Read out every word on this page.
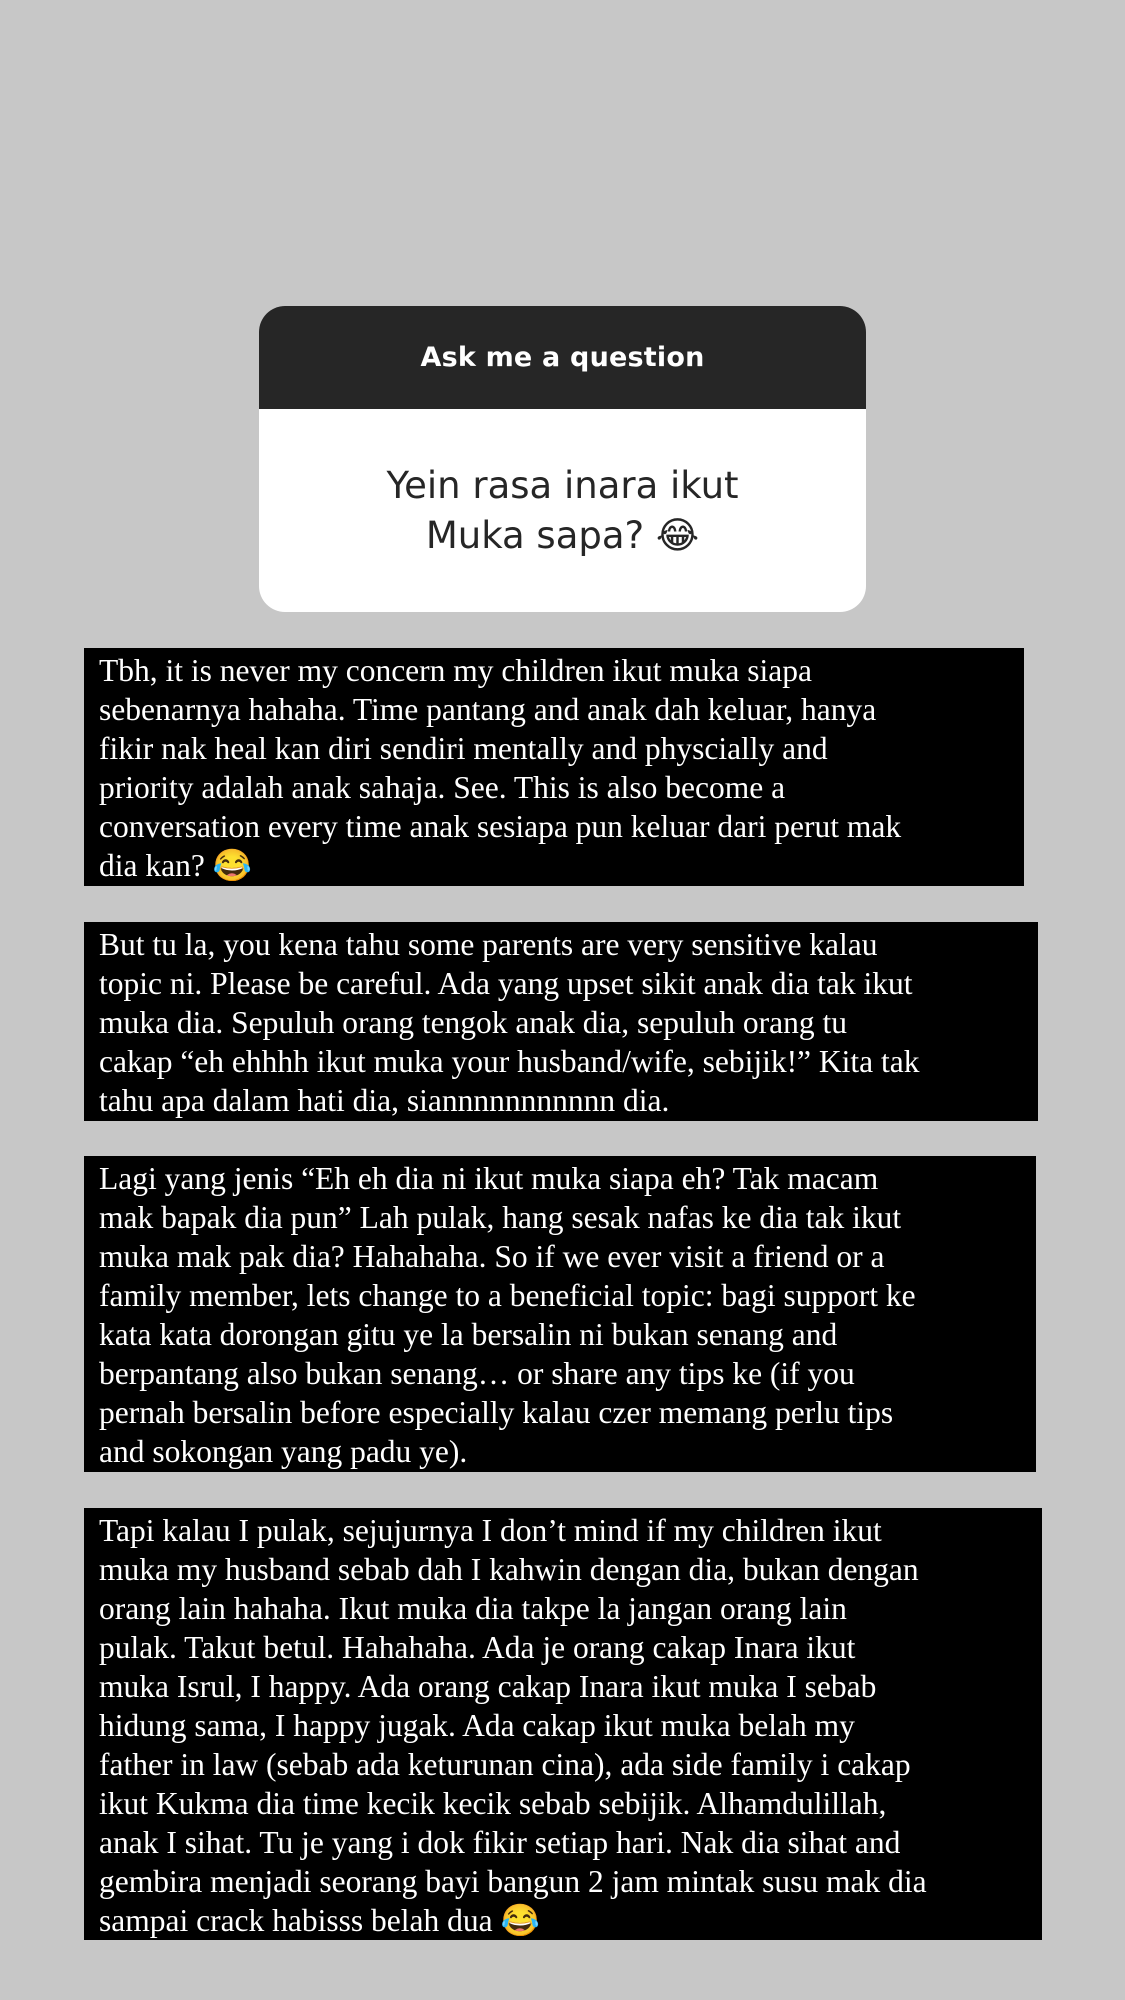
Ask me a question
Yein rasa inara ikut
Muka sapa? 😂
Tbh, it is never my concern my children ikut muka siapa
sebenarnya hahaha. Time pantang and anak dah keluar, hanya
fikir nak heal kan diri sendiri mentally and physcially and
priority adalah anak sahaja. See. This is also become a
conversation every time anak sesiapa pun keluar dari perut mak
dia kan? 😂
But tu la, you kena tahu some parents are very sensitive kalau
topic ni. Please be careful. Ada yang upset sikit anak dia tak ikut
muka dia. Sepuluh orang tengok anak dia, sepuluh orang tu
cakap “eh ehhhh ikut muka your husband/wife, sebijik!” Kita tak
tahu apa dalam hati dia, siannnnnnnnnnn dia.
Lagi yang jenis “Eh eh dia ni ikut muka siapa eh? Tak macam
mak bapak dia pun” Lah pulak, hang sesak nafas ke dia tak ikut
muka mak pak dia? Hahahaha. So if we ever visit a friend or a
family member, lets change to a beneficial topic: bagi support ke
kata kata dorongan gitu ye la bersalin ni bukan senang and
berpantang also bukan senang… or share any tips ke (if you
pernah bersalin before especially kalau czer memang perlu tips
and sokongan yang padu ye).
Tapi kalau I pulak, sejujurnya I don’t mind if my children ikut
muka my husband sebab dah I kahwin dengan dia, bukan dengan
orang lain hahaha. Ikut muka dia takpe la jangan orang lain
pulak. Takut betul. Hahahaha. Ada je orang cakap Inara ikut
muka Isrul, I happy. Ada orang cakap Inara ikut muka I sebab
hidung sama, I happy jugak. Ada cakap ikut muka belah my
father in law (sebab ada keturunan cina), ada side family i cakap
ikut Kukma dia time kecik kecik sebab sebijik. Alhamdulillah,
anak I sihat. Tu je yang i dok fikir setiap hari. Nak dia sihat and
gembira menjadi seorang bayi bangun 2 jam mintak susu mak dia
sampai crack habisss belah dua 😂
